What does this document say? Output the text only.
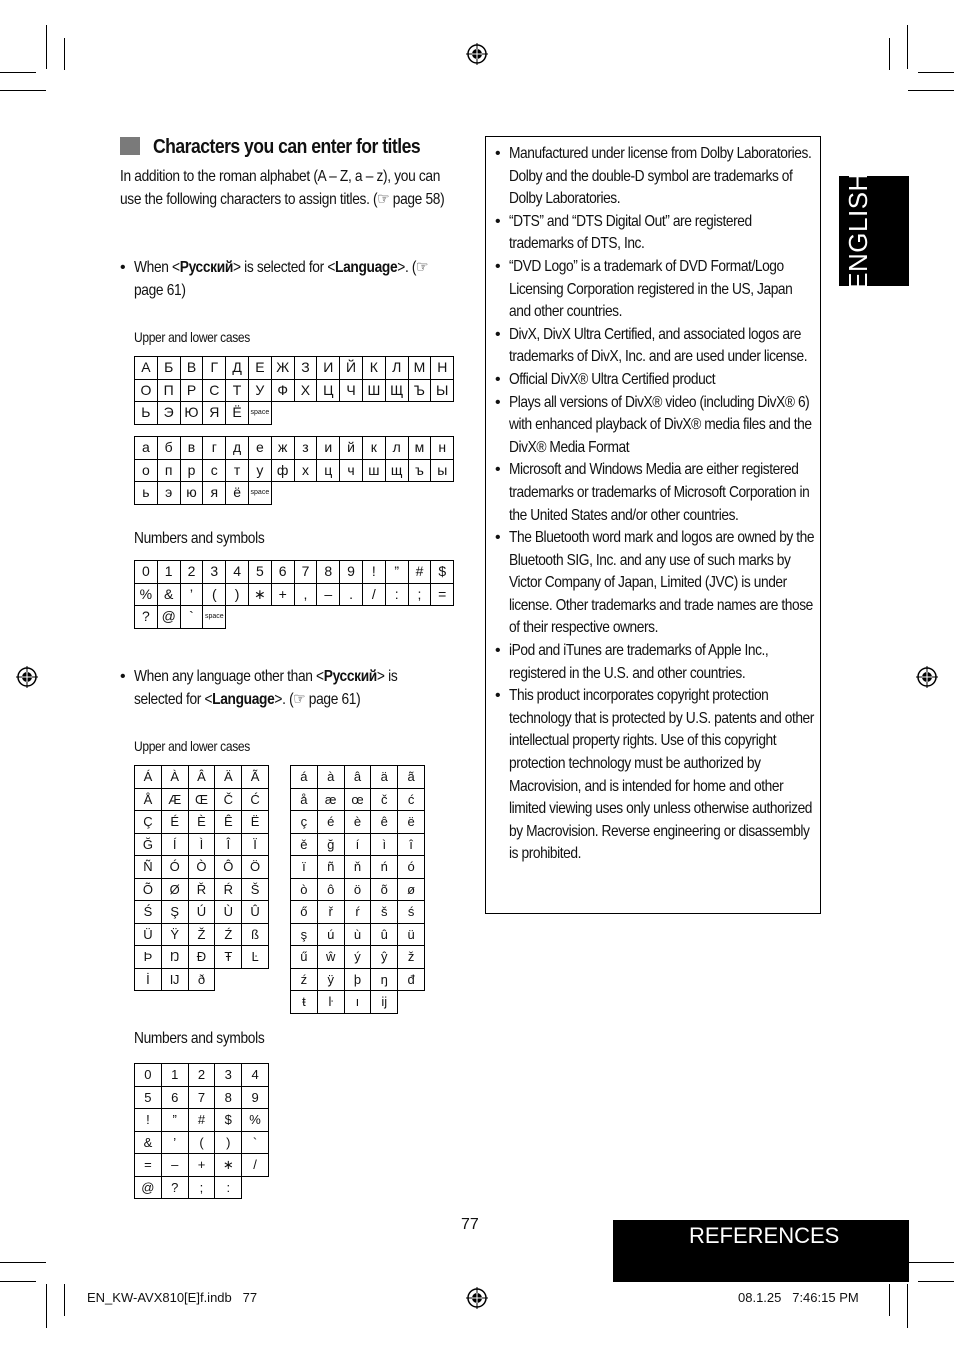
Characters you can enter for titles
In addition to the roman alphabet (A – Z, a – z), you can use the following characters to assign titles. (☞ page 58)
• When <Русский> is selected for <Language>. (☞ page 61)
Upper and lower cases
А	Б	В	Г	Д	Е	Ж	З	И	Й	К	Л	М	Н
О	П	Р	С	Т	У	Ф	Х	Ц	Ч	Ш	Щ	Ъ	Ы
Ь	Э	Ю	Я	Ё	space								
а	б	в	г	д	е	ж	з	и	й	к	л	м	н
о	п	р	с	т	у	ф	х	ц	ч	ш	щ	ъ	ы
ь	э	ю	я	ё	space								
Numbers and symbols
0	1	2	3	4	5	6	7	8	9	!	”	#	$
%	&	’	(	)	∗	+	,	–	.	/	:	;	=
?	@	`	space										
• When any language other than <Русский> is selected for <Language>. (☞ page 61)
Upper and lower cases
Á	À	Â	Ä	Ã
Å	Æ	Œ	Č	Ć
Ç	É	È	Ê	Ë
Ğ	Í	Ì	Î	Ï
Ñ	Ó	Ò	Ô	Ö
Õ	Ø	Ř	Ŕ	Š
Ś	Ş	Ú	Ù	Û
Ü	Ÿ	Ž	Ź	ß
Þ	Ŋ	Đ	Ŧ	Ŀ
İ	Ĳ	ð		
á	à	â	ä	ã
å	æ	œ	č	ć
ç	é	è	ê	ë
ě	ğ	í	ì	î
ï	ñ	ň	ń	ó
ò	ô	ö	õ	ø
ő	ř	ŕ	š	ś
ş	ú	ù	û	ü
ű	ŵ	ý	ŷ	ž
ź	ÿ	þ	ŋ	đ
ŧ	ŀ	ı	ĳ	
Numbers and symbols
0	1	2	3	4
5	6	7	8	9
!	”	#	$	%
&	’	(	)	`
=	–	+	∗	/
@	?	;	:	
• Manufactured under license from Dolby Laboratories. Dolby and the double-D symbol are trademarks of Dolby Laboratories.
• “DTS” and “DTS Digital Out” are registered trademarks of DTS, Inc.
• “DVD Logo” is a trademark of DVD Format/Logo Licensing Corporation registered in the US, Japan and other countries.
• DivX, DivX Ultra Certified, and associated logos are trademarks of DivX, Inc. and are used under license.
• Official DivX® Ultra Certified product
• Plays all versions of DivX® video (including DivX® 6) with enhanced playback of DivX® media files and the DivX® Media Format
• Microsoft and Windows Media are either registered trademarks or trademarks of Microsoft Corporation in the United States and/or other countries.
• The Bluetooth word mark and logos are owned by the Bluetooth SIG, Inc. and any use of such marks by Victor Company of Japan, Limited (JVC) is under license. Other trademarks and trade names are those of their respective owners.
• iPod and iTunes are trademarks of Apple Inc., registered in the U.S. and other countries.
• This product incorporates copyright protection technology that is protected by U.S. patents and other intellectual property rights. Use of this copyright protection technology must be authorized by Macrovision, and is intended for home and other limited viewing uses only unless otherwise authorized by Macrovision. Reverse engineering or disassembly is prohibited.
ENGLISH
77	REFERENCES
EN_KW-AVX810[E]f.indb   77	08.1.25   7:46:15 PM
